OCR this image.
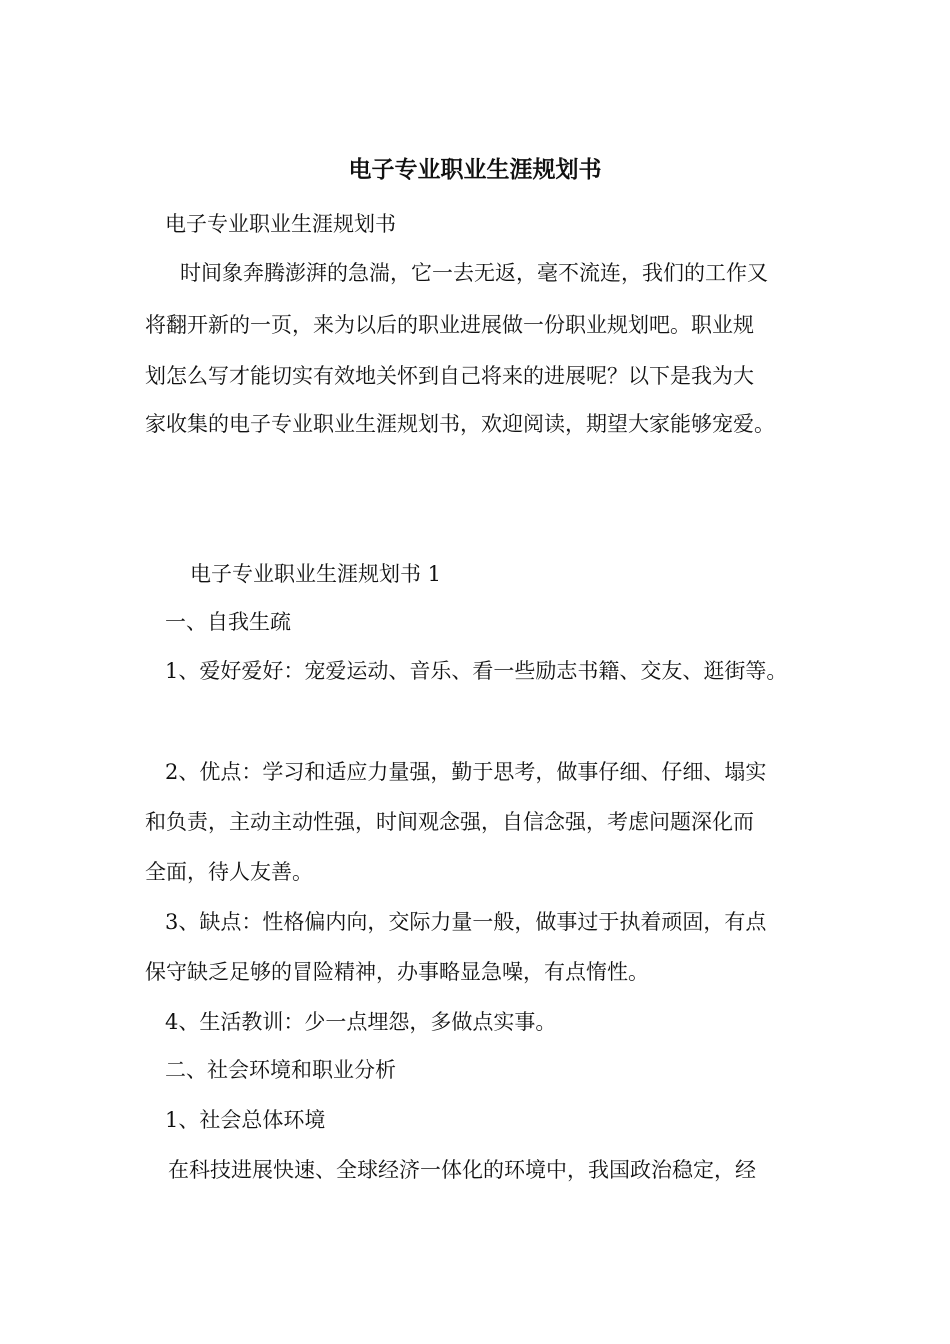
电子专业职业生涯规划书

电子专业职业生涯规划书

时间象奔腾澎湃的急湍，它一去无返，毫不流连，我们的工作又

将翻开新的一页，来为以后的职业进展做一份职业规划吧。职业规

划怎么写才能切实有效地关怀到自己将来的进展呢？以下是我为大

家收集的电子专业职业生涯规划书，欢迎阅读，期望大家能够宠爱。

电子专业职业生涯规划书 1

一、自我生疏

1、爱好爱好：宠爱运动、音乐、看一些励志书籍、交友、逛街等。

2、优点：学习和适应力量强，勤于思考，做事仔细、仔细、塌实

和负责，主动主动性强，时间观念强，自信念强，考虑问题深化而

全面，待人友善。

3、缺点：性格偏内向，交际力量一般，做事过于执着顽固，有点

保守缺乏足够的冒险精神，办事略显急噪，有点惰性。

4、生活教训：少一点埋怨，多做点实事。

二、社会环境和职业分析

1、社会总体环境

在科技进展快速、全球经济一体化的环境中，我国政治稳定，经
